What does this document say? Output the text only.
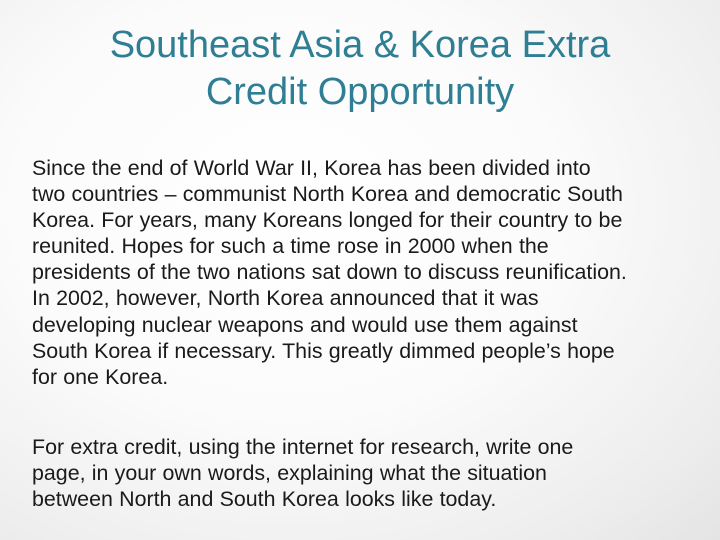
Southeast Asia & Korea Extra
Credit Opportunity

Since the end of World War II, Korea has been divided into
two countries – communist North Korea and democratic South
Korea. For years, many Koreans longed for their country to be
reunited. Hopes for such a time rose in 2000 when the
presidents of the two nations sat down to discuss reunification.
In 2002, however, North Korea announced that it was
developing nuclear weapons and would use them against
South Korea if necessary. This greatly dimmed people’s hope
for one Korea.

For extra credit, using the internet for research, write one
page, in your own words, explaining what the situation
between North and South Korea looks like today.
